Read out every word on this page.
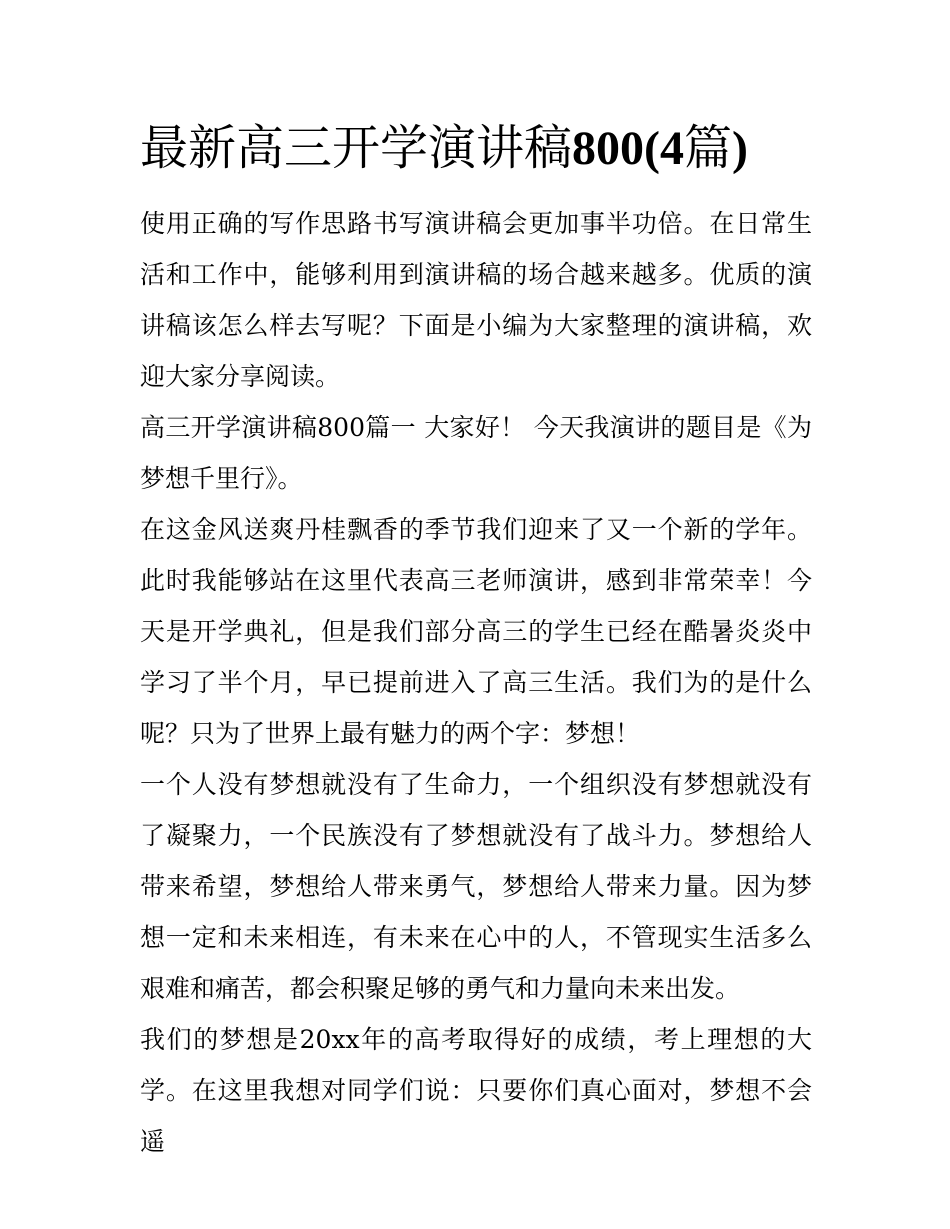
最新高三开学演讲稿800(4篇)

使用正确的写作思路书写演讲稿会更加事半功倍。在日常生活和工作中，能够利用到演讲稿的场合越来越多。优质的演讲稿该怎么样去写呢？下面是小编为大家整理的演讲稿，欢迎大家分享阅读。

高三开学演讲稿800篇一 大家好！ 今天我演讲的题目是《为梦想千里行》。

在这金风送爽丹桂飘香的季节我们迎来了又一个新的学年。此时我能够站在这里代表高三老师演讲，感到非常荣幸！今天是开学典礼，但是我们部分高三的学生已经在酷暑炎炎中学习了半个月，早已提前进入了高三生活。我们为的是什么呢？只为了世界上最有魅力的两个字：梦想！

一个人没有梦想就没有了生命力，一个组织没有梦想就没有了凝聚力，一个民族没有了梦想就没有了战斗力。梦想给人带来希望，梦想给人带来勇气，梦想给人带来力量。因为梦想一定和未来相连，有未来在心中的人，不管现实生活多么艰难和痛苦，都会积聚足够的勇气和力量向未来出发。

我们的梦想是20xx年的高考取得好的成绩，考上理想的大学。在这里我想对同学们说：只要你们真心面对，梦想不会遥
